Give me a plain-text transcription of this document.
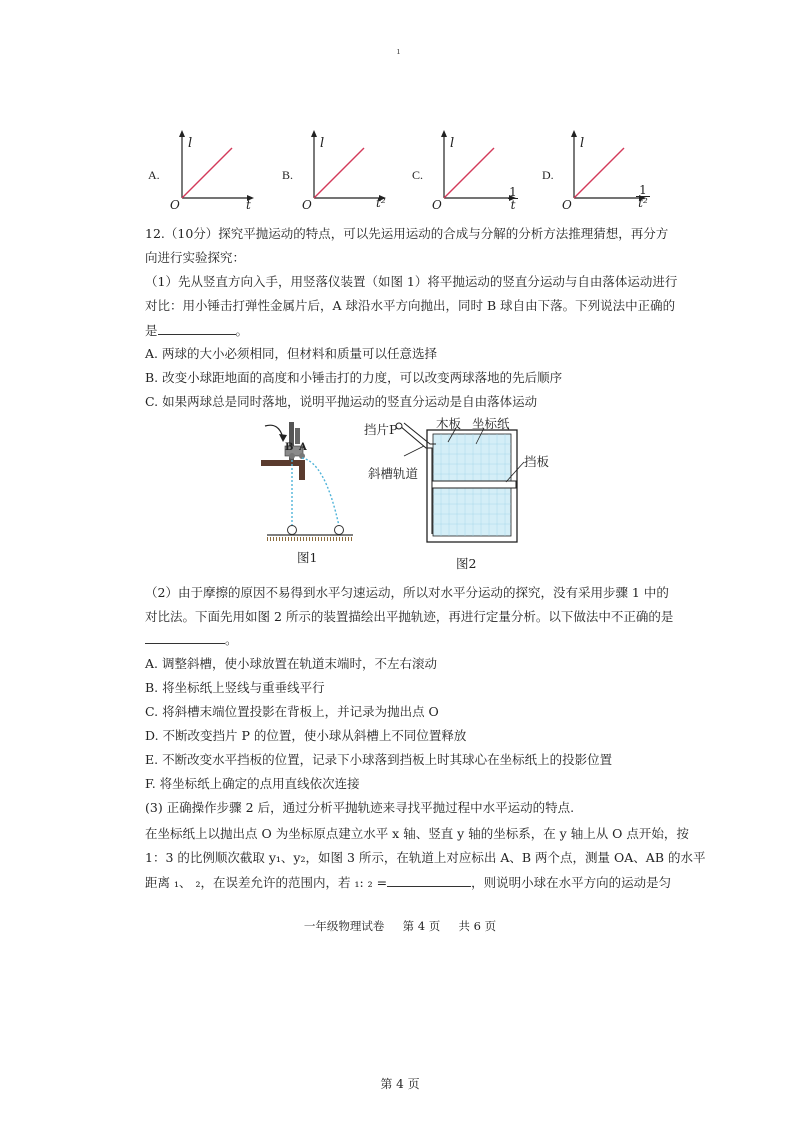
ı
A.
l
O	t
B.
l
O	t²
C.
l
O
1
t
D.
l
O
1
t²
12.（10分）探究平抛运动的特点，可以先运用运动的合成与分解的分析方法推理猜想，再分方
向进行实验探究：
（1）先从竖直方向入手，用竖落仪装置（如图 1）将平抛运动的竖直分运动与自由落体运动进行
对比：用小锤击打弹性金属片后，A 球沿水平方向抛出，同时 B 球自由下落。下列说法中正确的
是	。
A. 两球的大小必须相同，但材料和质量可以任意选择
B. 改变小球距地面的高度和小锤击打的力度，可以改变两球落地的先后顺序
C. 如果两球总是同时落地，说明平抛运动的竖直分运动是自由落体运动
B A
图1
挡片P	木板 坐标纸
斜槽轨道
挡板
图2
（2）由于摩擦的原因不易得到水平匀速运动，所以对水平分运动的探究，没有采用步骤 1 中的
对比法。下面先用如图 2 所示的装置描绘出平抛轨迹，再进行定量分析。以下做法中不正确的是
。
A. 调整斜槽，使小球放置在轨道末端时，不左右滚动
B. 将坐标纸上竖线与重垂线平行
C. 将斜槽末端位置投影在背板上，并记录为抛出点 O
D. 不断改变挡片 P 的位置，使小球从斜槽上不同位置释放
E. 不断改变水平挡板的位置，记录下小球落到挡板上时其球心在坐标纸上的投影位置
F. 将坐标纸上确定的点用直线依次连接
(3) 正确操作步骤 2 后，通过分析平抛轨迹来寻找平抛过程中水平运动的特点.
在坐标纸上以抛出点 O 为坐标原点建立水平 x 轴、竖直 y 轴的坐标系，在 y 轴上从 O 点开始，按
1：3 的比例顺次截取 y₁、y₂，如图 3 所示，在轨道上对应标出 A、B 两个点，测量 OA、AB 的水平
距离 ₁、 ₂，在误差允许的范围内，若 ₁: ₂ =	，则说明小球在水平方向的运动是匀
一年级物理试卷     第 4 页     共 6 页
第 4 页
